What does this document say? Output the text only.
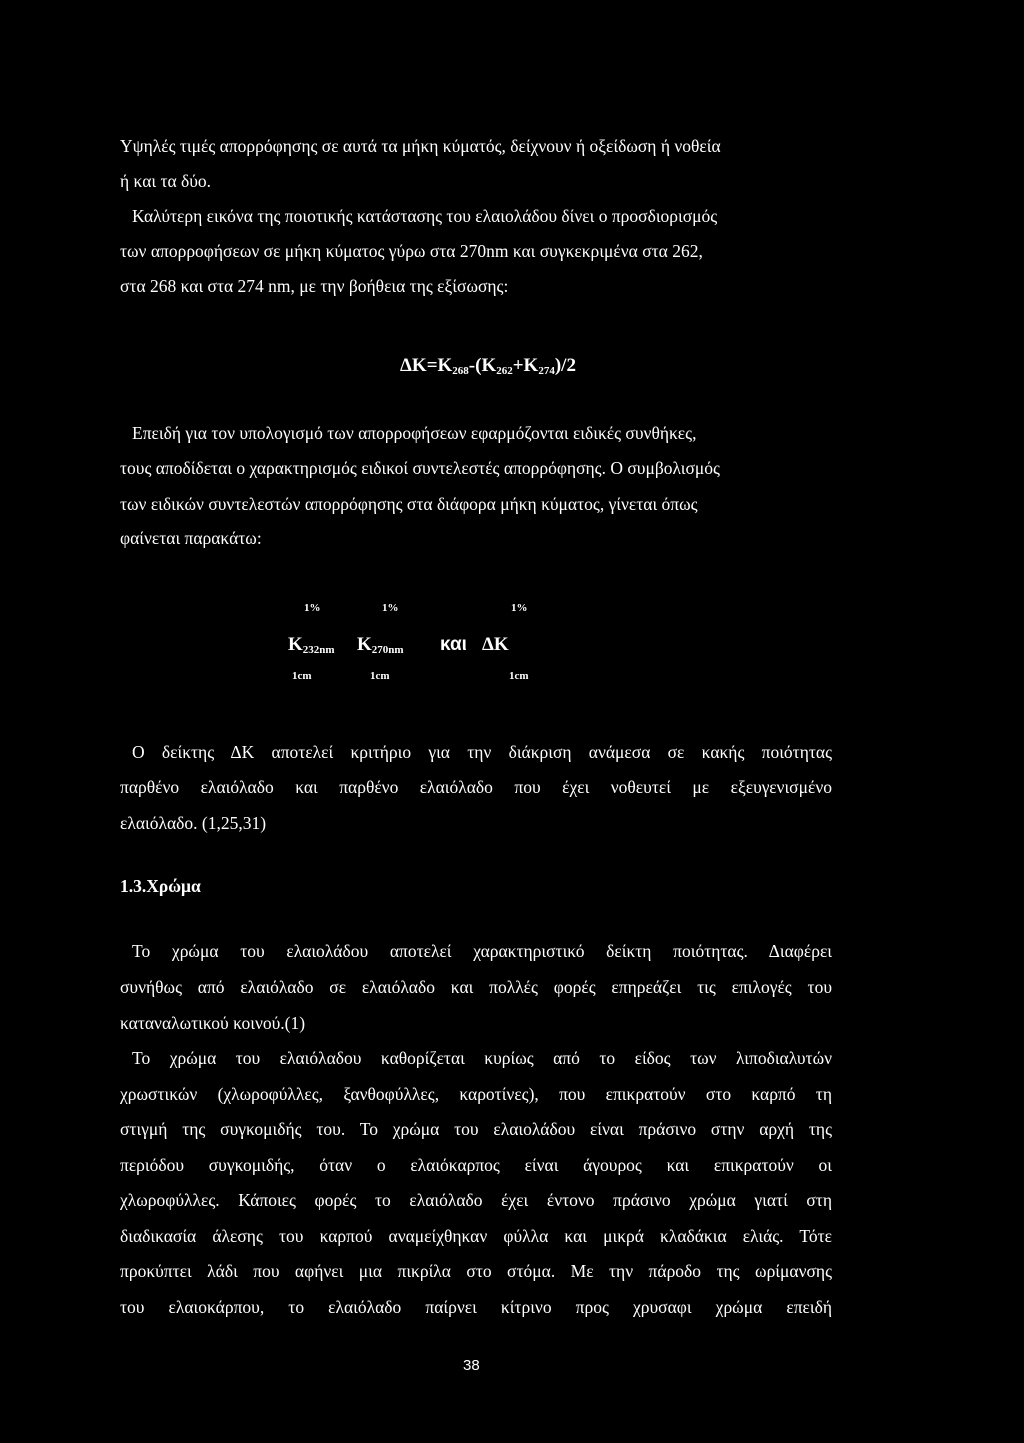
Υψηλές τιμές απορρόφησης σε αυτά τα μήκη κύματός, δείχνουν ή οξείδωση ή νοθεία
ή και τα δύο.
Καλύτερη εικόνα της ποιοτικής κατάστασης του ελαιολάδου δίνει ο προσδιορισμός
των απορροφήσεων σε μήκη κύματος γύρω στα 270nm και συγκεκριμένα στα 262,
στα 268 και στα 274 nm, με την βοήθεια της εξίσωσης:
$\Delta K=K_{268}-(K_{262}+K_{274})/2$
Επειδή για τον υπολογισμό των απορροφήσεων εφαρμόζονται ειδικές συνθήκες,
τους αποδίδεται ο χαρακτηρισμός ειδικοί συντελεστές απορρόφησης. Ο συμβολισμός
των ειδικών συντελεστών απορρόφησης στα διάφορα μήκη κύματος, γίνεται όπως
φαίνεται παρακάτω:
1%	1%	1%
$K_{232nm}$ $K_{270nm}$ και ΔΚ
1cm	1cm	1cm
Ο δείκτης ΔΚ αποτελεί κριτήριο για την διάκριση ανάμεσα σε κακής ποιότητας
παρθένο ελαιόλαδο και παρθένο ελαιόλαδο που έχει νοθευτεί με εξευγενισμένο
ελαιόλαδο. (1,25,31)
1.3.Χρώμα
Το χρώμα του ελαιολάδου αποτελεί χαρακτηριστικό δείκτη ποιότητας. Διαφέρει
συνήθως από ελαιόλαδο σε ελαιόλαδο και πολλές φορές επηρεάζει τις επιλογές του
καταναλωτικού κοινού.(1)
Το χρώμα του ελαιόλαδου καθορίζεται κυρίως από το είδος των λιποδιαλυτών
χρωστικών (χλωροφύλλες, ξανθοφύλλες, καροτίνες), που επικρατούν στο καρπό τη
στιγμή της συγκομιδής του. Το χρώμα του ελαιολάδου είναι πράσινο στην αρχή της
περιόδου συγκομιδής, όταν ο ελαιόκαρπος είναι άγουρος και επικρατούν οι
χλωροφύλλες. Κάποιες φορές το ελαιόλαδο έχει έντονο πράσινο χρώμα γιατί στη
διαδικασία άλεσης του καρπού αναμείχθηκαν φύλλα και μικρά κλαδάκια ελιάς. Τότε
προκύπτει λάδι που αφήνει μια πικρίλα στο στόμα. Με την πάροδο της ωρίμανσης
του ελαιοκάρπου, το ελαιόλαδο παίρνει κίτρινο προς χρυσαφι χρώμα επειδή
38
